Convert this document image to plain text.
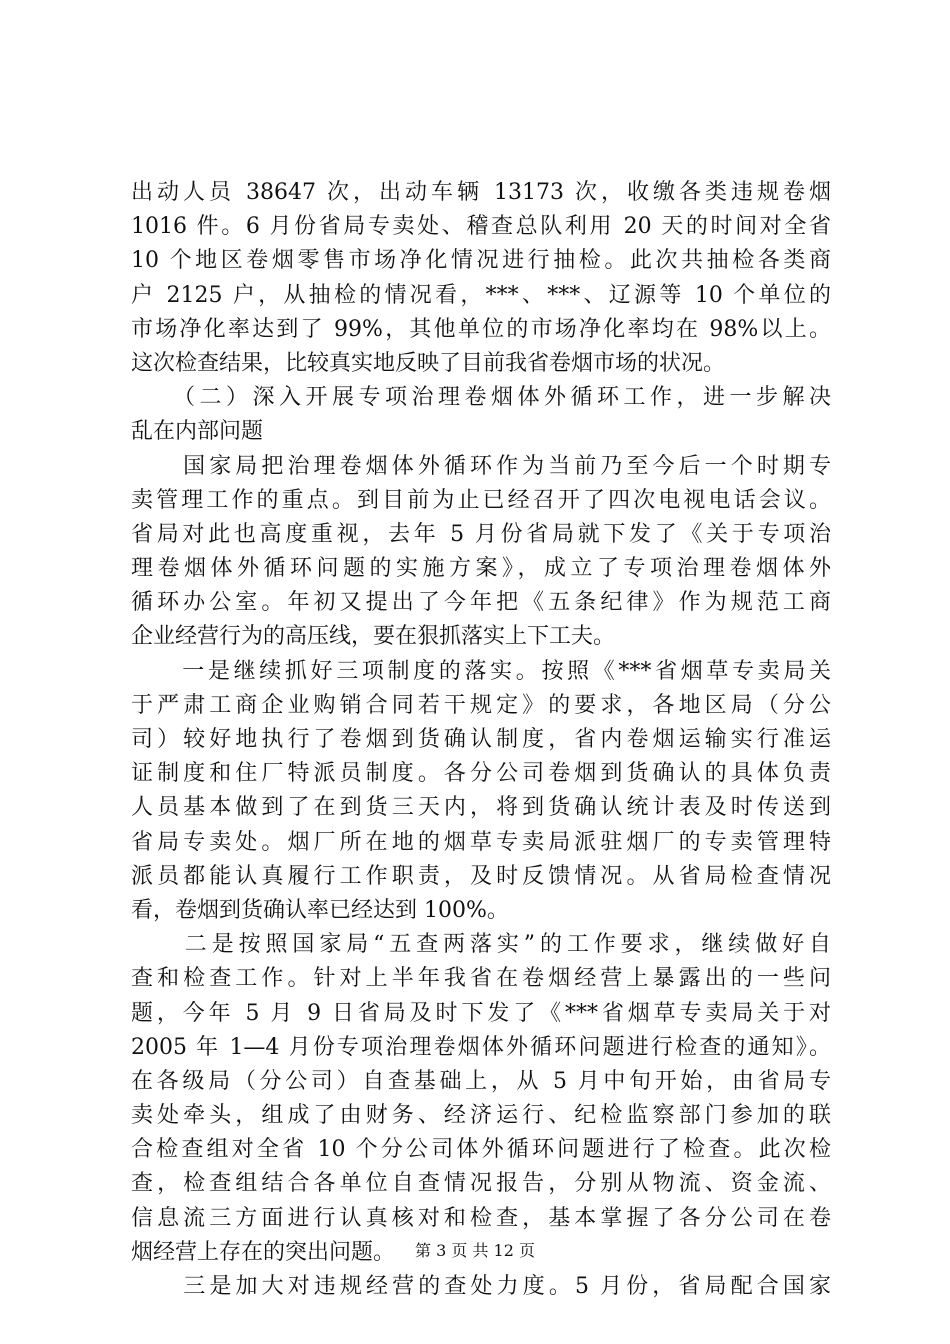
出动人员 38647 次，出动车辆 13173 次，收缴各类违规卷烟
1016 件。6 月份省局专卖处、稽查总队利用 20 天的时间对全省
10 个地区卷烟零售市场净化情况进行抽检。此次共抽检各类商
户 2125 户，从抽检的情况看，***、***、辽源等 10 个单位的
市场净化率达到了 99%，其他单位的市场净化率均在 98%以上。
这次检查结果，比较真实地反映了目前我省卷烟市场的状况。
　　（二）深入开展专项治理卷烟体外循环工作，进一步解决
乱在内部问题
　　国家局把治理卷烟体外循环作为当前乃至今后一个时期专
卖管理工作的重点。到目前为止已经召开了四次电视电话会议。
省局对此也高度重视，去年 5 月份省局就下发了《关于专项治
理卷烟体外循环问题的实施方案》，成立了专项治理卷烟体外
循环办公室。年初又提出了今年把《五条纪律》作为规范工商
企业经营行为的高压线，要在狠抓落实上下工夫。
　　一是继续抓好三项制度的落实。按照《***省烟草专卖局关
于严肃工商企业购销合同若干规定》的要求，各地区局（分公
司）较好地执行了卷烟到货确认制度，省内卷烟运输实行准运
证制度和住厂特派员制度。各分公司卷烟到货确认的具体负责
人员基本做到了在到货三天内，将到货确认统计表及时传送到
省局专卖处。烟厂所在地的烟草专卖局派驻烟厂的专卖管理特
派员都能认真履行工作职责，及时反馈情况。从省局检查情况
看，卷烟到货确认率已经达到 100%。
　　二是按照国家局“五查两落实”的工作要求，继续做好自
查和检查工作。针对上半年我省在卷烟经营上暴露出的一些问
题，今年 5 月 9 日省局及时下发了《***省烟草专卖局关于对
2005 年 1—4 月份专项治理卷烟体外循环问题进行检查的通知》。
在各级局（分公司）自查基础上，从 5 月中旬开始，由省局专
卖处牵头，组成了由财务、经济运行、纪检监察部门参加的联
合检查组对全省 10 个分公司体外循环问题进行了检查。此次检
查，检查组结合各单位自查情况报告，分别从物流、资金流、
信息流三方面进行认真核对和检查，基本掌握了各分公司在卷
烟经营上存在的突出问题。
　　三是加大对违规经营的查处力度。5 月份，省局配合国家
第 3 页 共 12 页
